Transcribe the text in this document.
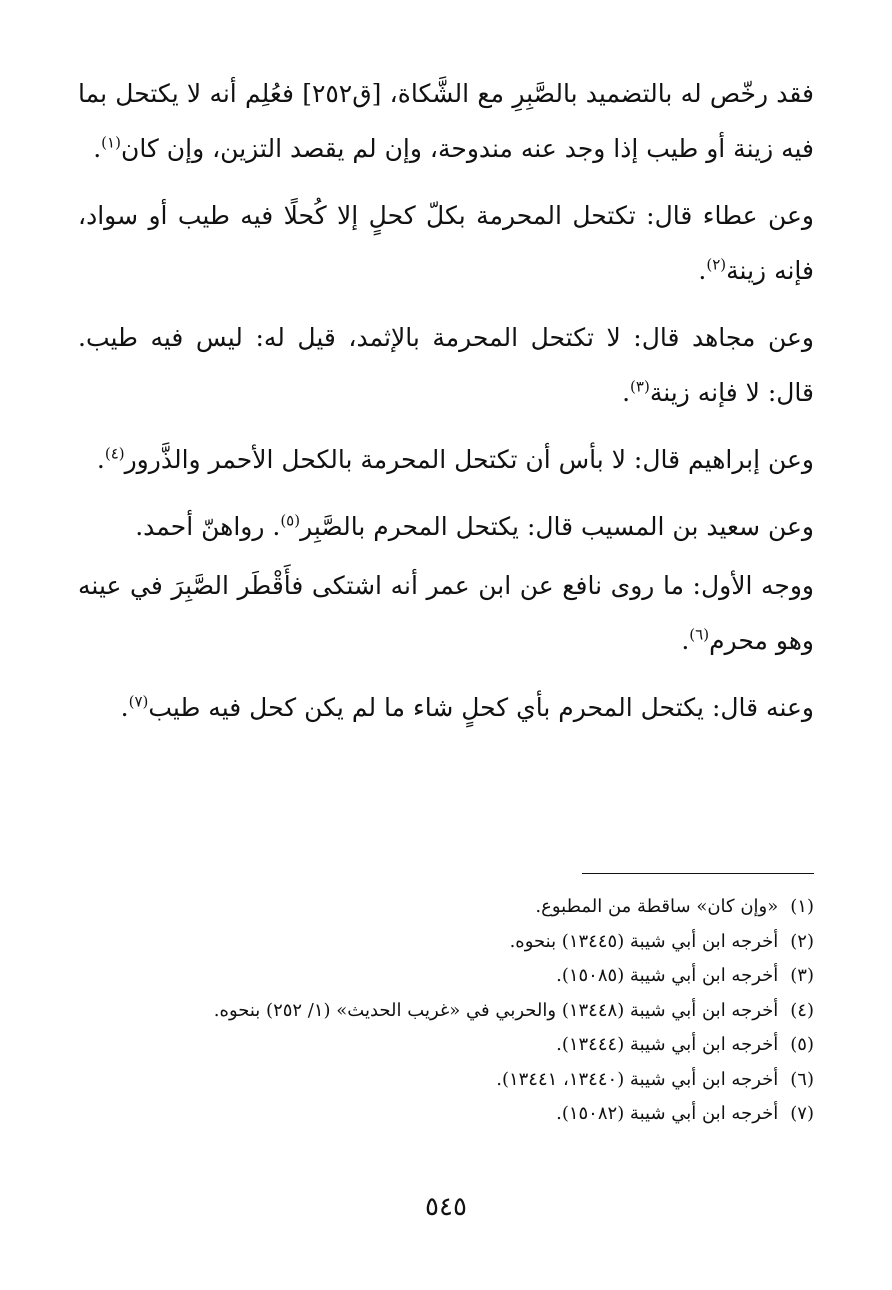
فقد رخّص له بالتضميد بالصَّبِرِ مع الشَّكاة، [ق٢٥٢] فعُلِم أنه لا يكتحل بما فيه زينة أو طيب إذا وجد عنه مندوحة، وإن لم يقصد التزين، وإن كان$^{(١)}$.

وعن عطاء قال: تكتحل المحرمة بكلّ كحلٍ إلا كُحلًا فيه طيب أو سواد، فإنه زينة$^{(٢)}$.

وعن مجاهد قال: لا تكتحل المحرمة بالإثمد، قيل له: ليس فيه طيب. قال: لا فإنه زينة$^{(٣)}$.

وعن إبراهيم قال: لا بأس أن تكتحل المحرمة بالكحل الأحمر والذَّرور$^{(٤)}$.

وعن سعيد بن المسيب قال: يكتحل المحرم بالصَّبِر$^{(٥)}$. رواهنّ أحمد.

ووجه الأول: ما روى نافع عن ابن عمر أنه اشتكى فأَقْطَر الصَّبِرَ في عينه وهو محرم$^{(٦)}$.

وعنه قال: يكتحل المحرم بأي كحلٍ شاء ما لم يكن كحل فيه طيب$^{(٧)}$.

(١)«وإن كان» ساقطة من المطبوع.
(٢)أخرجه ابن أبي شيبة (١٣٤٤٥) بنحوه.
(٣)أخرجه ابن أبي شيبة (١٥٠٨٥).
(٤)أخرجه ابن أبي شيبة (١٣٤٤٨) والحربي في «غريب الحديث» (١/ ٢٥٢) بنحوه.
(٥)أخرجه ابن أبي شيبة (١٣٤٤٤).
(٦)أخرجه ابن أبي شيبة (١٣٤٤٠، ١٣٤٤١).
(٧)أخرجه ابن أبي شيبة (١٥٠٨٢).
٥٤٥
